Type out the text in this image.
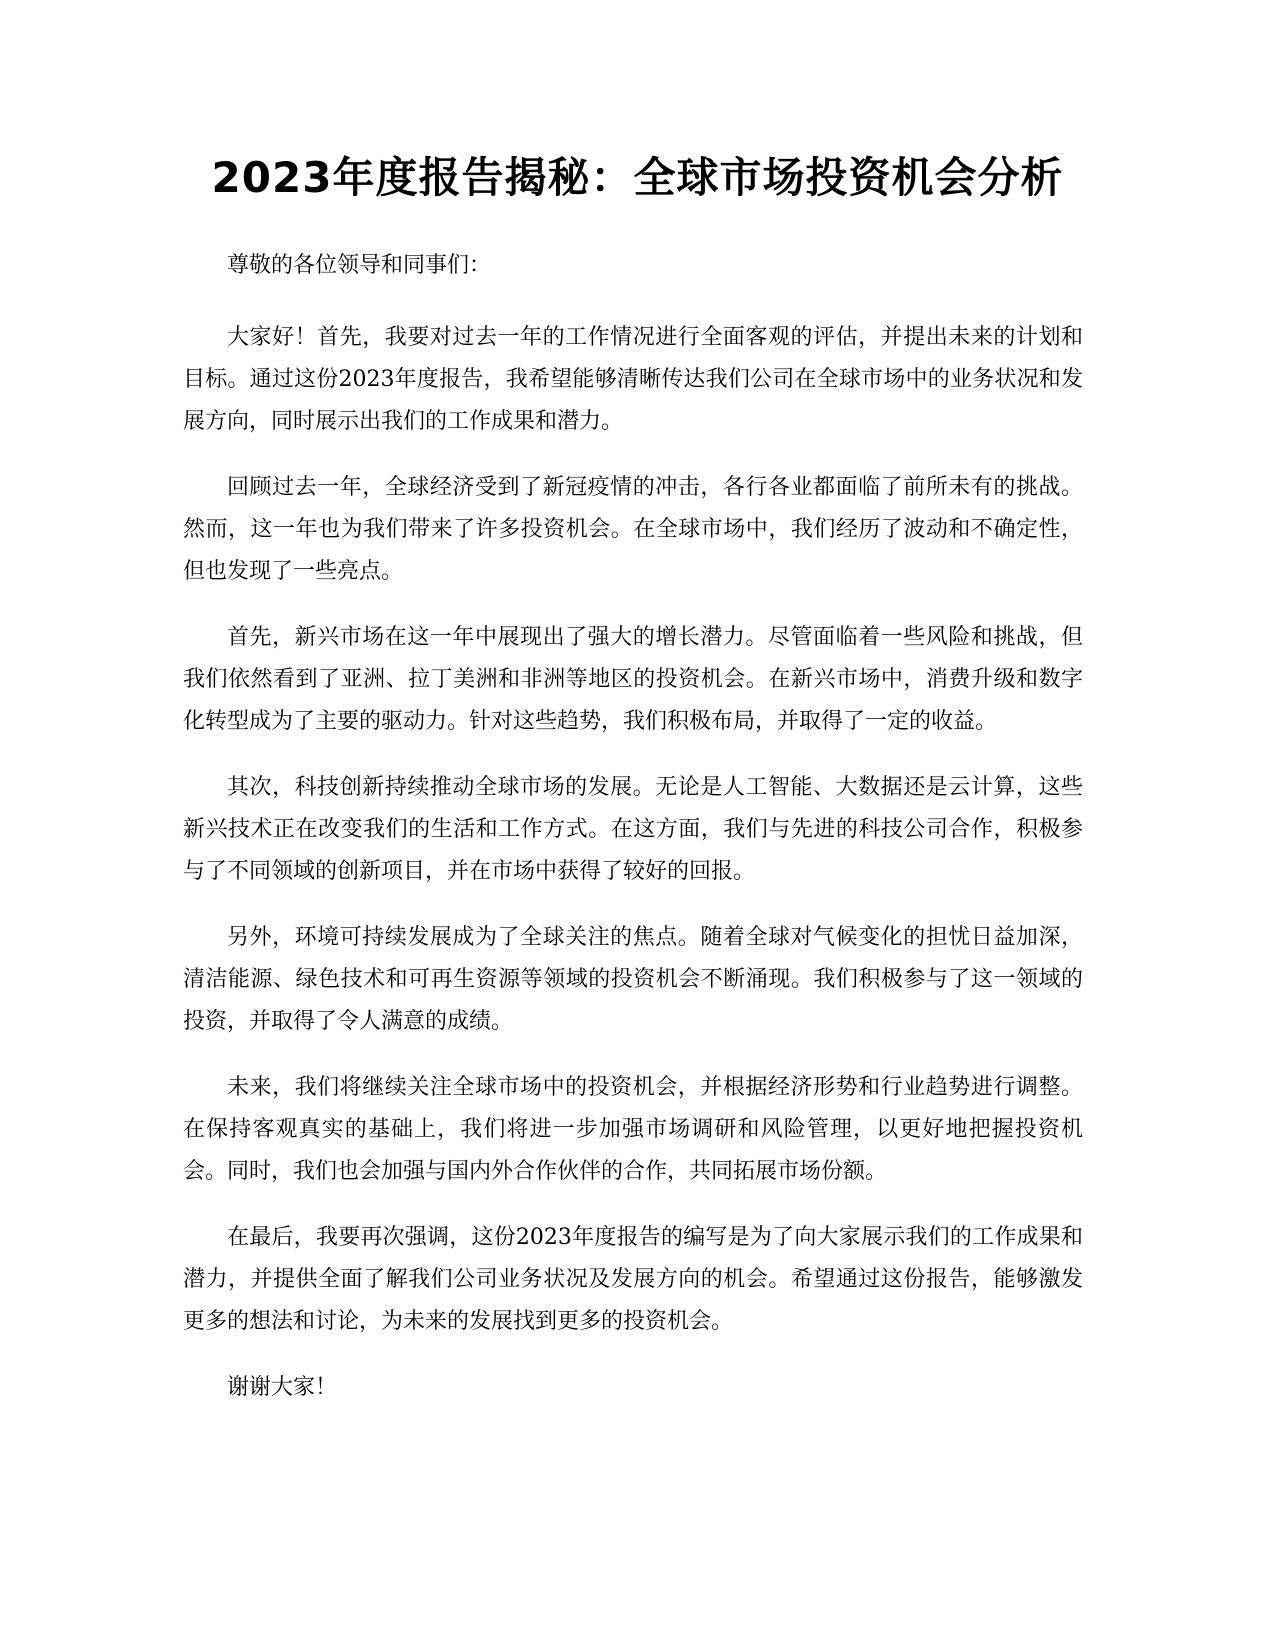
2023年度报告揭秘：全球市场投资机会分析

尊敬的各位领导和同事们：

大家好！首先，我要对过去一年的工作情况进行全面客观的评估，并提出未来的计划和目标。通过这份2023年度报告，我希望能够清晰传达我们公司在全球市场中的业务状况和发展方向，同时展示出我们的工作成果和潜力。

回顾过去一年，全球经济受到了新冠疫情的冲击，各行各业都面临了前所未有的挑战。然而，这一年也为我们带来了许多投资机会。在全球市场中，我们经历了波动和不确定性，但也发现了一些亮点。

首先，新兴市场在这一年中展现出了强大的增长潜力。尽管面临着一些风险和挑战，但我们依然看到了亚洲、拉丁美洲和非洲等地区的投资机会。在新兴市场中，消费升级和数字化转型成为了主要的驱动力。针对这些趋势，我们积极布局，并取得了一定的收益。

其次，科技创新持续推动全球市场的发展。无论是人工智能、大数据还是云计算，这些新兴技术正在改变我们的生活和工作方式。在这方面，我们与先进的科技公司合作，积极参与了不同领域的创新项目，并在市场中获得了较好的回报。

另外，环境可持续发展成为了全球关注的焦点。随着全球对气候变化的担忧日益加深，清洁能源、绿色技术和可再生资源等领域的投资机会不断涌现。我们积极参与了这一领域的投资，并取得了令人满意的成绩。

未来，我们将继续关注全球市场中的投资机会，并根据经济形势和行业趋势进行调整。在保持客观真实的基础上，我们将进一步加强市场调研和风险管理，以更好地把握投资机会。同时，我们也会加强与国内外合作伙伴的合作，共同拓展市场份额。

在最后，我要再次强调，这份2023年度报告的编写是为了向大家展示我们的工作成果和潜力，并提供全面了解我们公司业务状况及发展方向的机会。希望通过这份报告，能够激发更多的想法和讨论，为未来的发展找到更多的投资机会。

谢谢大家！
